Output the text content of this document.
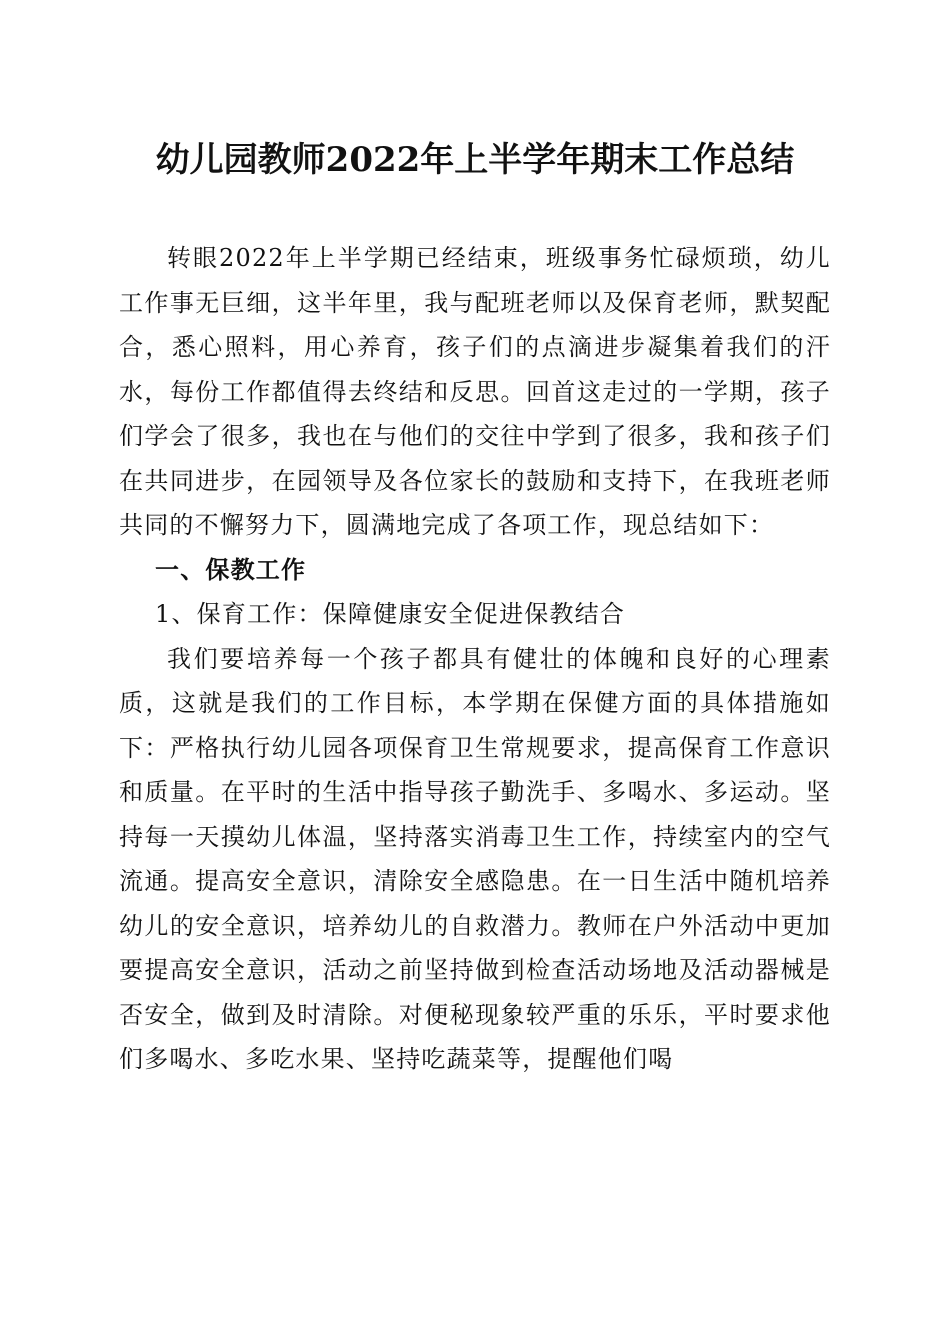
幼儿园教师2022年上半学年期末工作总结

转眼2022年上半学期已经结束，班级事务忙碌烦琐，幼儿工作事无巨细，这半年里，我与配班老师以及保育老师，默契配合，悉心照料，用心养育，孩子们的点滴进步凝集着我们的汗水，每份工作都值得去终结和反思。回首这走过的一学期，孩子们学会了很多，我也在与他们的交往中学到了很多，我和孩子们在共同进步，在园领导及各位家长的鼓励和支持下，在我班老师共同的不懈努力下，圆满地完成了各项工作，现总结如下：

一、保教工作

1、保育工作：保障健康安全促进保教结合

我们要培养每一个孩子都具有健壮的体魄和良好的心理素质，这就是我们的工作目标，本学期在保健方面的具体措施如下：严格执行幼儿园各项保育卫生常规要求，提高保育工作意识和质量。在平时的生活中指导孩子勤洗手、多喝水、多运动。坚持每一天摸幼儿体温，坚持落实消毒卫生工作，持续室内的空气流通。提高安全意识，清除安全感隐患。在一日生活中随机培养幼儿的安全意识，培养幼儿的自救潜力。教师在户外活动中更加要提高安全意识，活动之前坚持做到检查活动场地及活动器械是否安全，做到及时清除。对便秘现象较严重的乐乐，平时要求他们多喝水、多吃水果、坚持吃蔬菜等，提醒他们喝
